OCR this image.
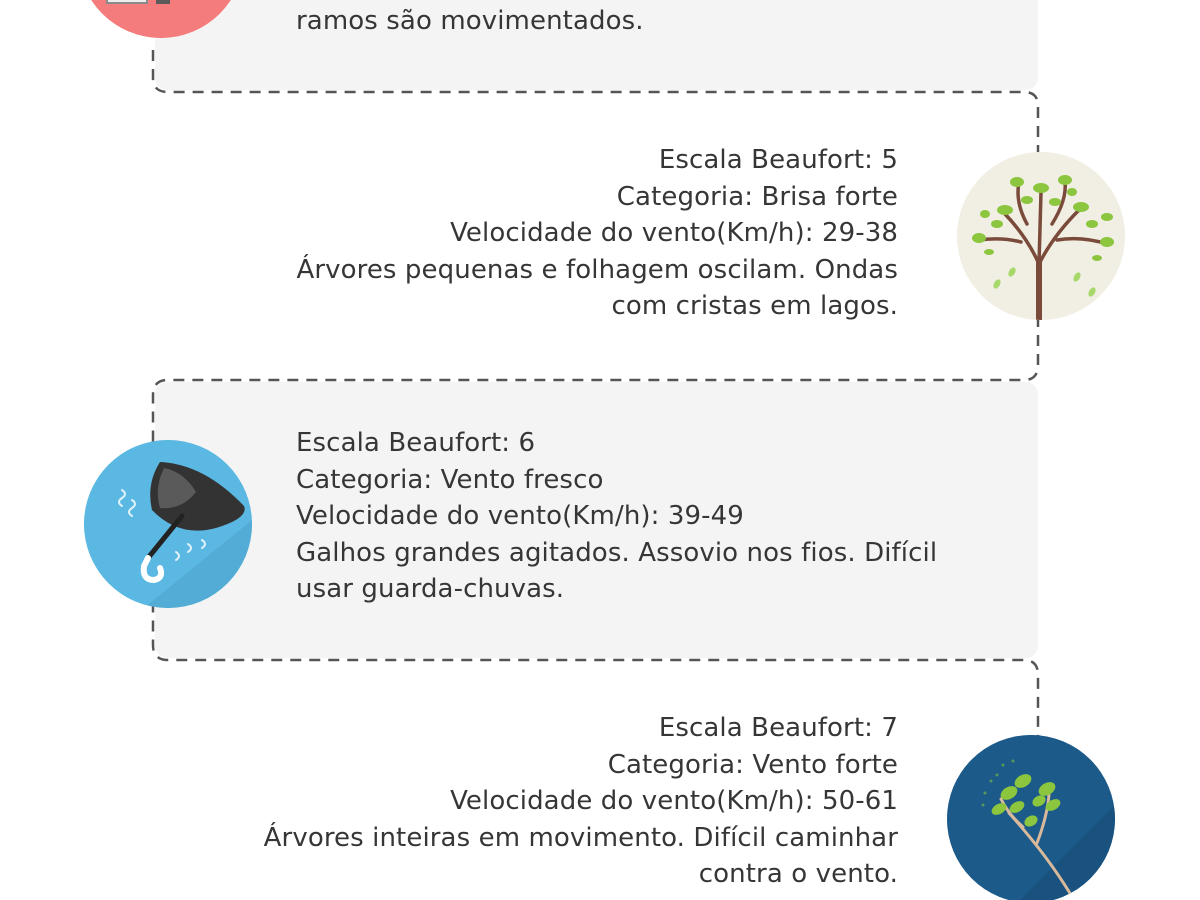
ramos são movimentados.
Escala Beaufort: 5
Categoria: Brisa forte
Velocidade do vento(Km/h): 29-38
Árvores pequenas e folhagem oscilam. Ondas com cristas em lagos.
Escala Beaufort: 6
Categoria: Vento fresco
Velocidade do vento(Km/h): 39-49
Galhos grandes agitados. Assovio nos fios. Difícil usar guarda-chuvas.
Escala Beaufort: 7
Categoria: Vento forte
Velocidade do vento(Km/h): 50-61
Árvores inteiras em movimento. Difícil caminhar contra o vento.
